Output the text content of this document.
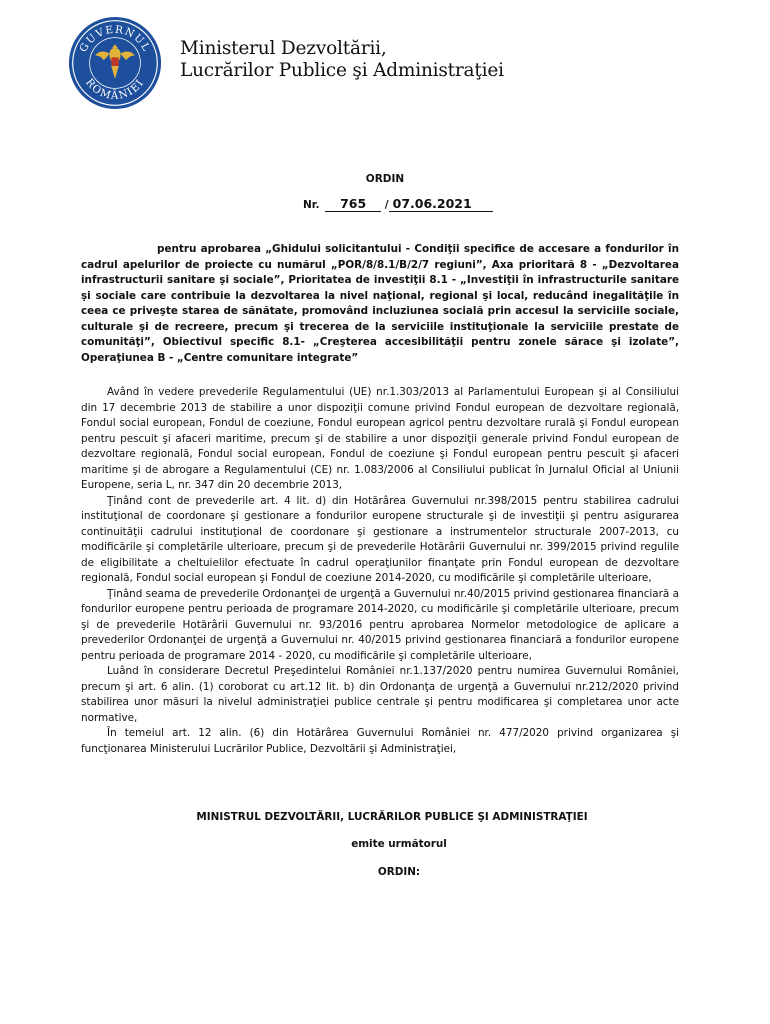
GUVERNUL
ROMÂNIEI
Ministerul Dezvoltării,
Lucrărilor Publice şi Administraţiei
ORDIN
Nr. 765 / 07.06.2021
pentru aprobarea „Ghidului solicitantului - Condiţii specifice de accesare a fondurilor în cadrul apelurilor de proiecte cu numărul „POR/8/8.1/B/2/7 regiuni”, Axa prioritară 8 - „Dezvoltarea infrastructurii sanitare şi sociale”, Prioritatea de investiţii 8.1 - „Investiţii în infrastructurile sanitare şi sociale care contribuie la dezvoltarea la nivel naţional, regional şi local, reducând inegalităţile în ceea ce priveşte starea de sănătate, promovând incluziunea socială prin accesul la serviciile sociale, culturale şi de recreere, precum şi trecerea de la serviciile instituţionale la serviciile prestate de comunităţi”, Obiectivul specific 8.1- „Creşterea accesibilităţii pentru zonele sărace şi izolate”, Operaţiunea B - „Centre comunitare integrate”

Având în vedere prevederile Regulamentului (UE) nr.1.303/2013 al Parlamentului European şi al Consiliului din 17 decembrie 2013 de stabilire a unor dispoziţii comune privind Fondul european de dezvoltare regională, Fondul social european, Fondul de coeziune, Fondul european agricol pentru dezvoltare rurală şi Fondul european pentru pescuit şi afaceri maritime, precum şi de stabilire a unor dispoziţii generale privind Fondul european de dezvoltare regională, Fondul social european, Fondul de coeziune şi Fondul european pentru pescuit şi afaceri maritime şi de abrogare a Regulamentului (CE) nr. 1.083/2006 al Consiliului publicat în Jurnalul Oficial al Uniunii Europene, seria L, nr. 347 din 20 decembrie 2013,

Ţinând cont de prevederile art. 4 lit. d) din Hotărârea Guvernului nr.398/2015 pentru stabilirea cadrului instituţional de coordonare şi gestionare a fondurilor europene structurale şi de investiţii şi pentru asigurarea continuităţii cadrului instituţional de coordonare şi gestionare a instrumentelor structurale 2007-2013, cu modificările şi completările ulterioare, precum şi de prevederile Hotărârii Guvernului nr. 399/2015 privind regulile de eligibilitate a cheltuielilor efectuate în cadrul operaţiunilor finanţate prin Fondul european de dezvoltare regională, Fondul social european şi Fondul de coeziune 2014-2020, cu modificările şi completările ulterioare,

Ţinând seama de prevederile Ordonanţei de urgenţă a Guvernului nr.40/2015 privind gestionarea financiară a fondurilor europene pentru perioada de programare 2014-2020, cu modificările şi completările ulterioare, precum şi de prevederile Hotărârii Guvernului nr. 93/2016 pentru aprobarea Normelor metodologice de aplicare a prevederilor Ordonanţei de urgenţă a Guvernului nr. 40/2015 privind gestionarea financiară a fondurilor europene pentru perioada de programare 2014 - 2020, cu modificările şi completările ulterioare,

Luând în considerare Decretul Preşedintelui României nr.1.137/2020 pentru numirea Guvernului României, precum şi art. 6 alin. (1) coroborat cu art.12 lit. b) din Ordonanţa de urgenţă a Guvernului nr.212/2020 privind stabilirea unor măsuri la nivelul administraţiei publice centrale şi pentru modificarea şi completarea unor acte normative,

În temeiul art. 12 alin. (6) din Hotărârea Guvernului României nr. 477/2020 privind organizarea şi funcţionarea Ministerului Lucrărilor Publice, Dezvoltării şi Administraţiei,

MINISTRUL DEZVOLTĂRII, LUCRĂRILOR PUBLICE ŞI ADMINISTRAŢIEI
emite următorul
ORDIN:
